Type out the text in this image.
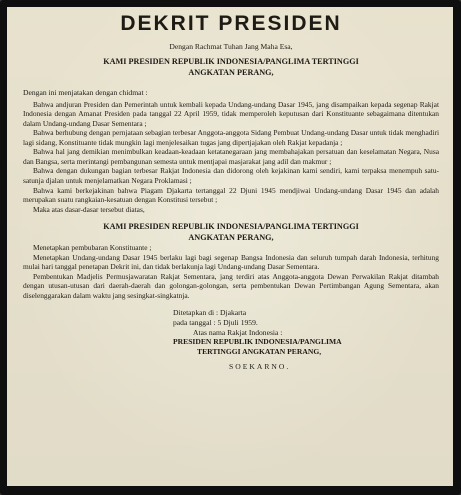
DEKRIT PRESIDEN
Dengan Rachmat Tuhan Jang Maha Esa,
KAMI PRESIDEN REPUBLIK INDONESIA/PANGLIMA TERTINGGI
ANGKATAN PERANG,
Dengan ini menjatakan dengan chidmat :

Bahwa andjuran Presiden dan Pemerintah untuk kembali kepada Undang-undang Dasar 1945, jang disampaikan kepada segenap Rakjat Indonesia dengan Amanat Presiden pada tanggal 22 April 1959, tidak memperoleh keputusan dari Konstituante sebagaimana ditentukan dalam Undang-undang Dasar Sementara ;

Bahwa berhubung dengan pernjataan sebagian terbesar Anggota-anggota Sidang Pembuat Undang-undang Dasar untuk tidak menghadiri lagi sidang, Konstituante tidak mungkin lagi menjelesaikan tugas jang dipertjajakan oleh Rakjat kepadanja ;

Bahwa hal jang demikian menimbulkan keadaan-keadaan ketatanegaraan jang membahajakan persatuan dan keselamatan Negara, Nusa dan Bangsa, serta merintangi pembangunan semesta untuk mentjapai masjarakat jang adil dan makmur ;

Bahwa dengan dukungan bagian terbesar Rakjat Indonesia dan didorong oleh kejakinan kami sendiri, kami terpaksa menempuh satu-satunja djalan untuk menjelamatkan Negara Proklamasi ;

Bahwa kami berkejakinan bahwa Piagam Djakarta tertanggal 22 Djuni 1945 mendjiwai Undang-undang Dasar 1945 dan adalah merupakan suatu rangkaian-kesatuan dengan Konstitusi tersebut ;

Maka atas dasar-dasar tersebut diatas,

KAMI PRESIDEN REPUBLIK INDONESIA/PANGLIMA TERTINGGI
ANGKATAN PERANG,

Menetapkan pembubaran Konstituante ;

Menetapkan Undang-undang Dasar 1945 berlaku lagi bagi segenap Bangsa Indonesia dan seluruh tumpah darah Indonesia, terhitung mulai hari tanggal penetapan Dekrit ini, dan tidak berlakunja lagi Undang-undang Dasar Sementara.

Pembentukan Madjelis Permusjawaratan Rakjat Sementara, jang terdiri atas Anggota-anggota Dewan Perwakilan Rakjat ditambah dengan utusan-utusan dari daerah-daerah dan golongan-golongan, serta pembentukan Dewan Pertimbangan Agung Sementara, akan diselenggarakan dalam waktu jang sesingkat-singkatnja.

Ditetapkan di : Djakarta
pada tanggal : 5 Djuli 1959.
Atas nama Rakjat Indonesia :
PRESIDEN REPUBLIK INDONESIA/PANGLIMA
TERTINGGI ANGKATAN PERANG,
SOEKARNO.
